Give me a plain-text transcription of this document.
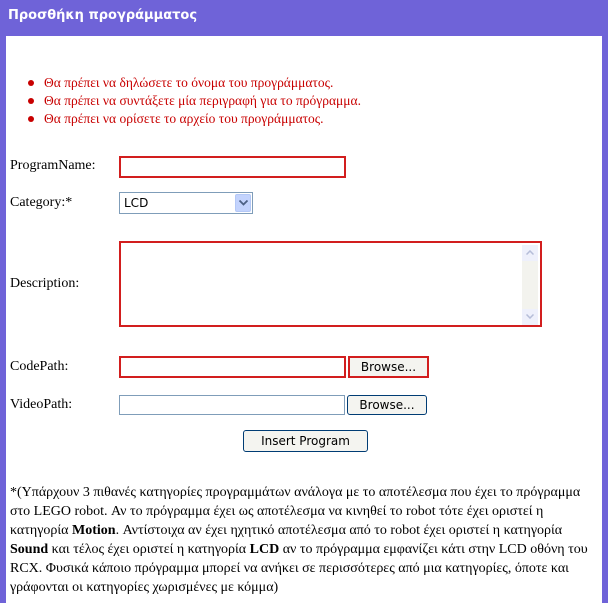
Προσθήκη προγράμματος
Θα πρέπει να δηλώσετε το όνομα του προγράμματος.
Θα πρέπει να συντάξετε μία περιγραφή για το πρόγραμμα.
Θα πρέπει να ορίσετε το αρχείο του προγράμματος.
ProgramName:
Category:*	LCD
Description:
CodePath:	Browse...
VideoPath:	Browse...
Insert Program
*(Υπάρχουν 3 πιθανές κατηγορίες προγραμμάτων ανάλογα με το αποτέλεσμα που έχει το πρόγραμμα στο LEGO robot. Αν το πρόγραμμα έχει ως αποτέλεσμα να κινηθεί το robot τότε έχει οριστεί η κατηγορία Motion. Αντίστοιχα αν έχει ηχητικό αποτέλεσμα από το robot έχει οριστεί η κατηγορία Sound και τέλος έχει οριστεί η κατηγορία LCD αν το πρόγραμμα εμφανίζει κάτι στην LCD οθόνη του RCX. Φυσικά κάποιο πρόγραμμα μπορεί να ανήκει σε περισσότερες από μια κατηγορίες, όποτε και γράφονται οι κατηγορίες χωρισμένες με κόμμα)
